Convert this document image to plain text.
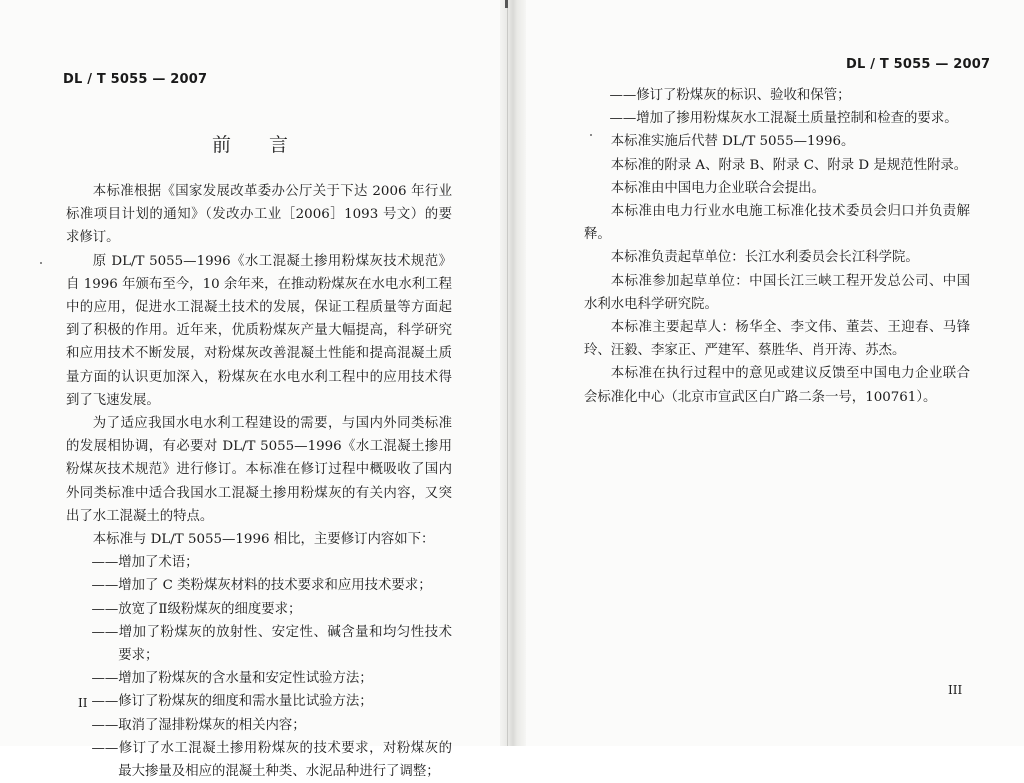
DL / T 5055 — 2007
前　　言

本标准根据《国家发展改革委办公厅关于下达 2006 年行业标准项目计划的通知》（发改办工业［2006］1093 号文）的要求修订。

原 DL/T 5055—1996《水工混凝土掺用粉煤灰技术规范》自 1996 年颁布至今，10 余年来，在推动粉煤灰在水电水利工程中的应用，促进水工混凝土技术的发展，保证工程质量等方面起到了积极的作用。近年来，优质粉煤灰产量大幅提高，科学研究和应用技术不断发展，对粉煤灰改善混凝土性能和提高混凝土质量方面的认识更加深入，粉煤灰在水电水利工程中的应用技术得到了飞速发展。

为了适应我国水电水利工程建设的需要，与国内外同类标准的发展相协调，有必要对 DL/T 5055—1996《水工混凝土掺用粉煤灰技术规范》进行修订。本标准在修订过程中概吸收了国内外同类标准中适合我国水工混凝土掺用粉煤灰的有关内容，又突出了水工混凝土的特点。

本标准与 DL/T 5055—1996 相比，主要修订内容如下：

——增加了术语；
——增加了 C 类粉煤灰材料的技术要求和应用技术要求；
——放宽了Ⅱ级粉煤灰的细度要求；
——增加了粉煤灰的放射性、安定性、碱含量和均匀性技术要求；
——增加了粉煤灰的含水量和安定性试验方法；
——修订了粉煤灰的细度和需水量比试验方法；
——取消了湿排粉煤灰的相关内容；
——修订了水工混凝土掺用粉煤灰的技术要求，对粉煤灰的最大掺量及相应的混凝土种类、水泥品种进行了调整；
II
DL / T 5055 — 2007
——修订了粉煤灰的标识、验收和保管；
——增加了掺用粉煤灰水工混凝土质量控制和检查的要求。

本标准实施后代替 DL/T 5055—1996。

本标准的附录 A、附录 B、附录 C、附录 D 是规范性附录。

本标准由中国电力企业联合会提出。

本标准由电力行业水电施工标准化技术委员会归口并负责解释。

本标准负责起草单位：长江水利委员会长江科学院。

本标准参加起草单位：中国长江三峡工程开发总公司、中国水利水电科学研究院。

本标准主要起草人：杨华全、李文伟、董芸、王迎春、马锋玲、汪毅、李家正、严建军、蔡胜华、肖开涛、苏杰。

本标准在执行过程中的意见或建议反馈至中国电力企业联合会标准化中心（北京市宣武区白广路二条一号，100761）。

III
